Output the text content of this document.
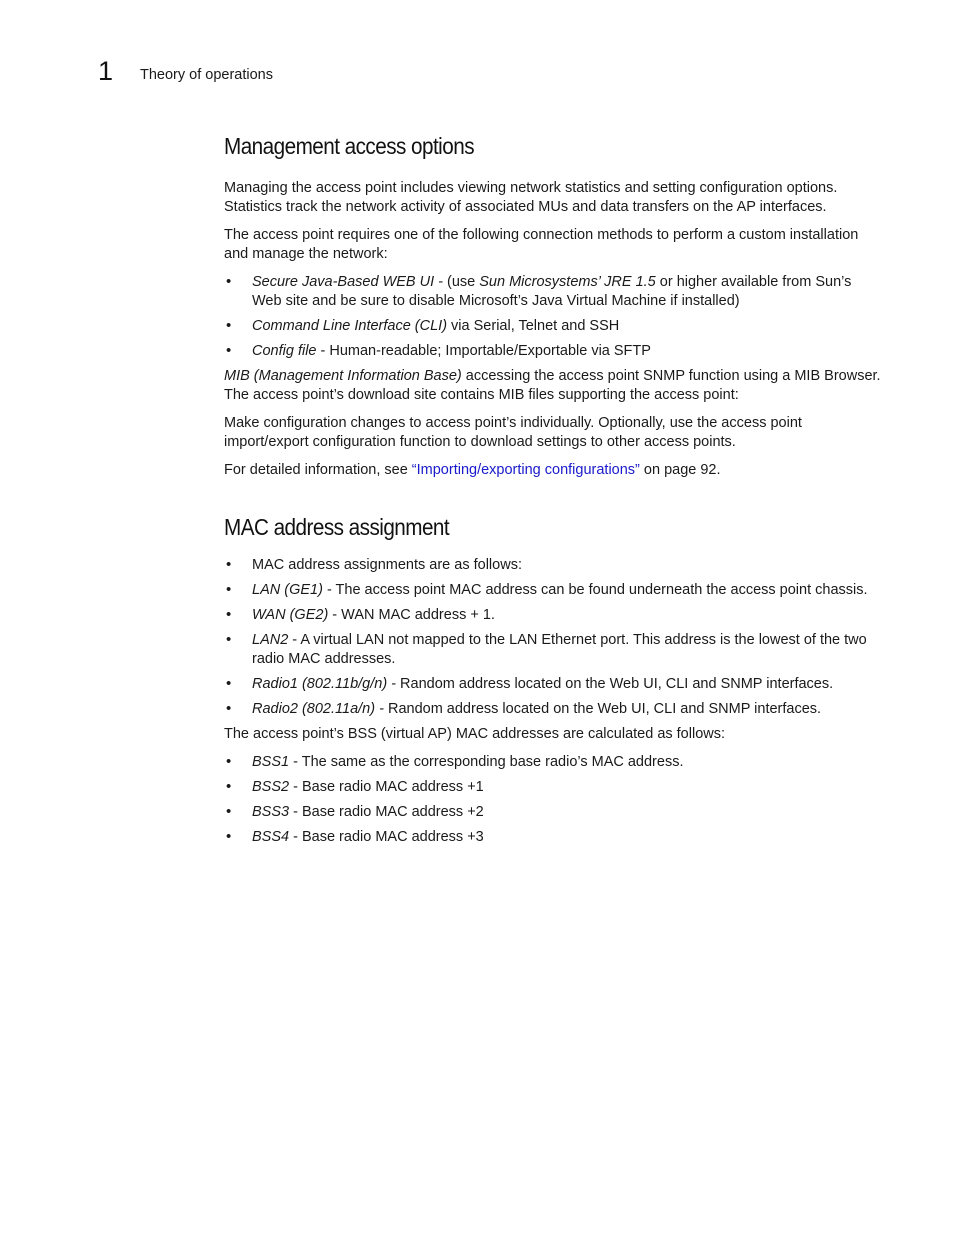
1 Theory of operations
Management access options

Managing the access point includes viewing network statistics and setting configuration options. Statistics track the network activity of associated MUs and data transfers on the AP interfaces.

The access point requires one of the following connection methods to perform a custom installation and manage the network:

• Secure Java-Based WEB UI - (use Sun Microsystems’ JRE 1.5 or higher available from Sun’s Web site and be sure to disable Microsoft’s Java Virtual Machine if installed)
• Command Line Interface (CLI) via Serial, Telnet and SSH
• Config file - Human-readable; Importable/Exportable via SFTP

MIB (Management Information Base) accessing the access point SNMP function using a MIB Browser. The access point’s download site contains MIB files supporting the access point:

Make configuration changes to access point’s individually. Optionally, use the access point import/export configuration function to download settings to other access points.

For detailed information, see “Importing/exporting configurations” on page 92.

MAC address assignment
• MAC address assignments are as follows:
• LAN (GE1) - The access point MAC address can be found underneath the access point chassis.
• WAN (GE2) - WAN MAC address + 1.
• LAN2 - A virtual LAN not mapped to the LAN Ethernet port. This address is the lowest of the two radio MAC addresses.
• Radio1 (802.11b/g/n) - Random address located on the Web UI, CLI and SNMP interfaces.
• Radio2 (802.11a/n) - Random address located on the Web UI, CLI and SNMP interfaces.

The access point’s BSS (virtual AP) MAC addresses are calculated as follows:

• BSS1 - The same as the corresponding base radio’s MAC address.
• BSS2 - Base radio MAC address +1
• BSS3 - Base radio MAC address +2
• BSS4 - Base radio MAC address +3
